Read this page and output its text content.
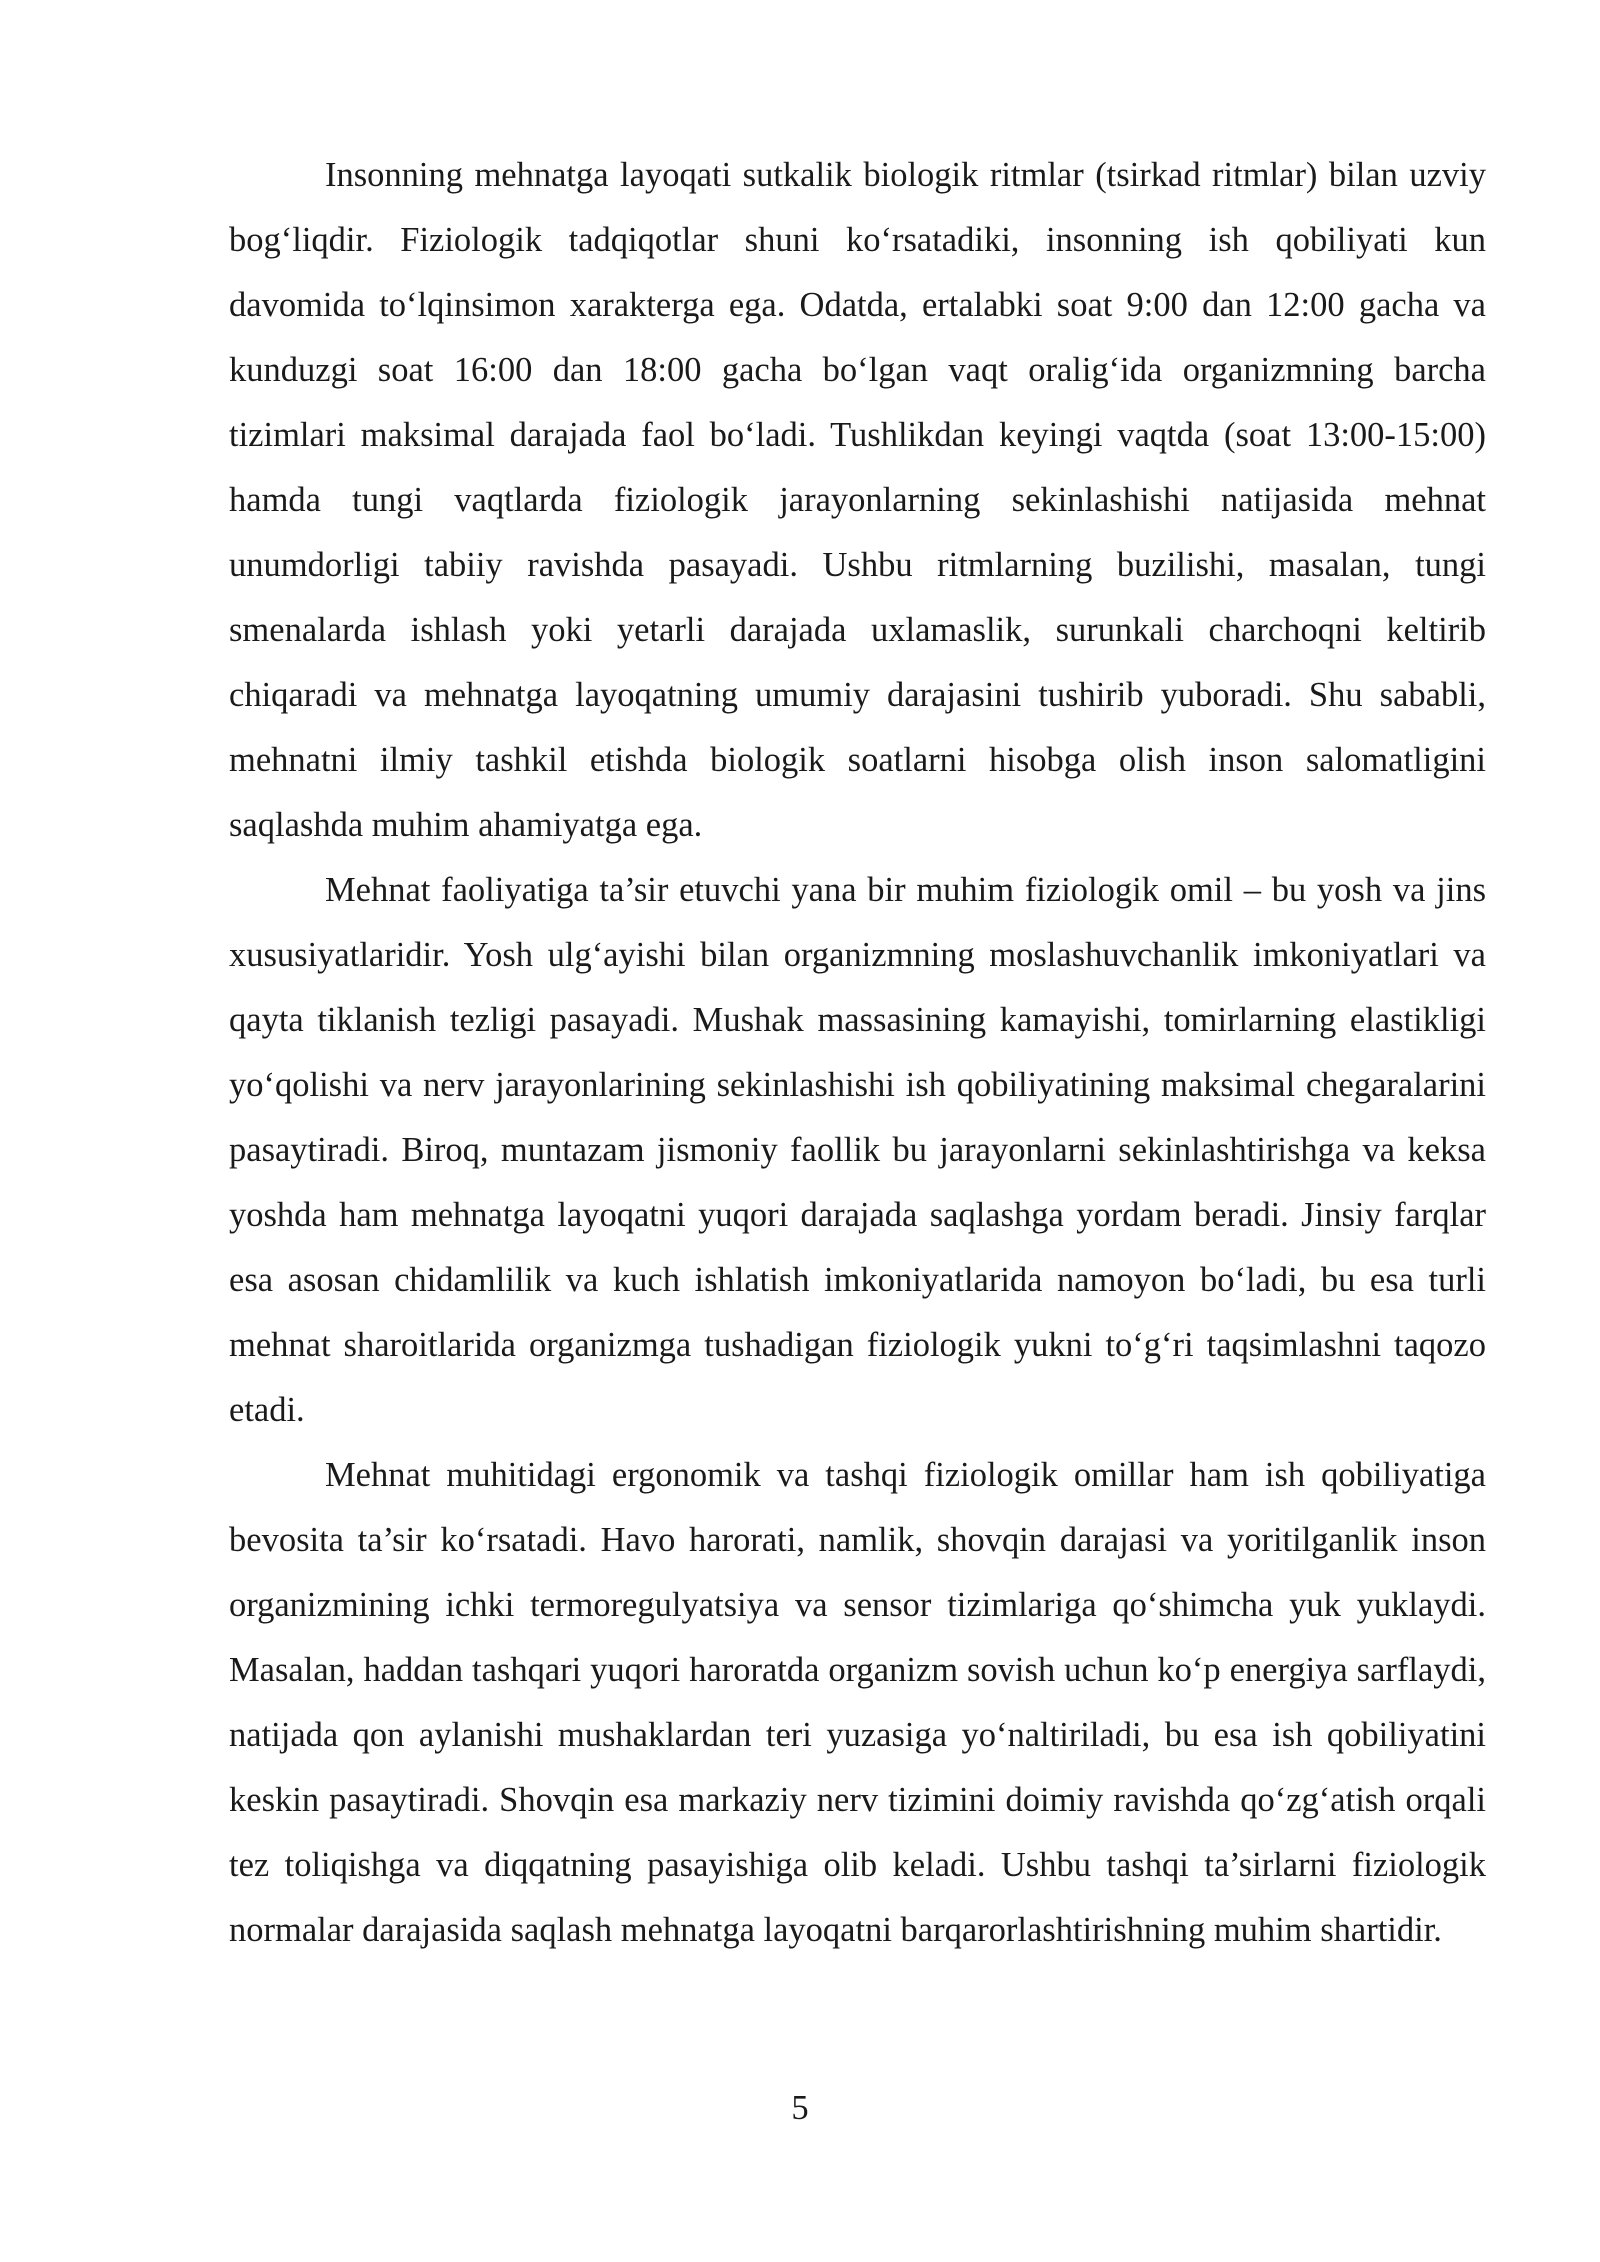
Insonning mehnatga layoqati sutkalik biologik ritmlar (tsirkad ritmlar) bilan uzviy bog‘liqdir. Fiziologik tadqiqotlar shuni ko‘rsatadiki, insonning ish qobiliyati kun davomida to‘lqinsimon xarakterga ega. Odatda, ertalabki soat 9:00 dan 12:00 gacha va kunduzgi soat 16:00 dan 18:00 gacha bo‘lgan vaqt oralig‘ida organizmning barcha tizimlari maksimal darajada faol bo‘ladi. Tushlikdan keyingi vaqtda (soat 13:00-15:00) hamda tungi vaqtlarda fiziologik jarayonlarning sekinlashishi natijasida mehnat unumdorligi tabiiy ravishda pasayadi. Ushbu ritmlarning buzilishi, masalan, tungi smenalarda ishlash yoki yetarli darajada uxlamaslik, surunkali charchoqni keltirib chiqaradi va mehnatga layoqatning umumiy darajasini tushirib yuboradi. Shu sababli, mehnatni ilmiy tashkil etishda biologik soatlarni hisobga olish inson salomatligini saqlashda muhim ahamiyatga ega.

Mehnat faoliyatiga ta’sir etuvchi yana bir muhim fiziologik omil – bu yosh va jins xususiyatlaridir. Yosh ulg‘ayishi bilan organizmning moslashuvchanlik imkoniyatlari va qayta tiklanish tezligi pasayadi. Mushak massasining kamayishi, tomirlarning elastikligi yo‘qolishi va nerv jarayonlarining sekinlashishi ish qobiliyatining maksimal chegaralarini pasaytiradi. Biroq, muntazam jismoniy faollik bu jarayonlarni sekinlashtirishga va keksa yoshda ham mehnatga layoqatni yuqori darajada saqlashga yordam beradi. Jinsiy farqlar esa asosan chidamlilik va kuch ishlatish imkoniyatlarida namoyon bo‘ladi, bu esa turli mehnat sharoitlarida organizmga tushadigan fiziologik yukni to‘g‘ri taqsimlashni taqozo etadi.

Mehnat muhitidagi ergonomik va tashqi fiziologik omillar ham ish qobiliyatiga bevosita ta’sir ko‘rsatadi. Havo harorati, namlik, shovqin darajasi va yoritilganlik inson organizmining ichki termoregulyatsiya va sensor tizimlariga qo‘shimcha yuk yuklaydi. Masalan, haddan tashqari yuqori haroratda organizm sovish uchun ko‘p energiya sarflaydi, natijada qon aylanishi mushaklardan teri yuzasiga yo‘naltiriladi, bu esa ish qobiliyatini keskin pasaytiradi. Shovqin esa markaziy nerv tizimini doimiy ravishda qo‘zg‘atish orqali tez toliqishga va diqqatning pasayishiga olib keladi. Ushbu tashqi ta’sirlarni fiziologik normalar darajasida saqlash mehnatga layoqatni barqarorlashtirishning muhim shartidir.

5
